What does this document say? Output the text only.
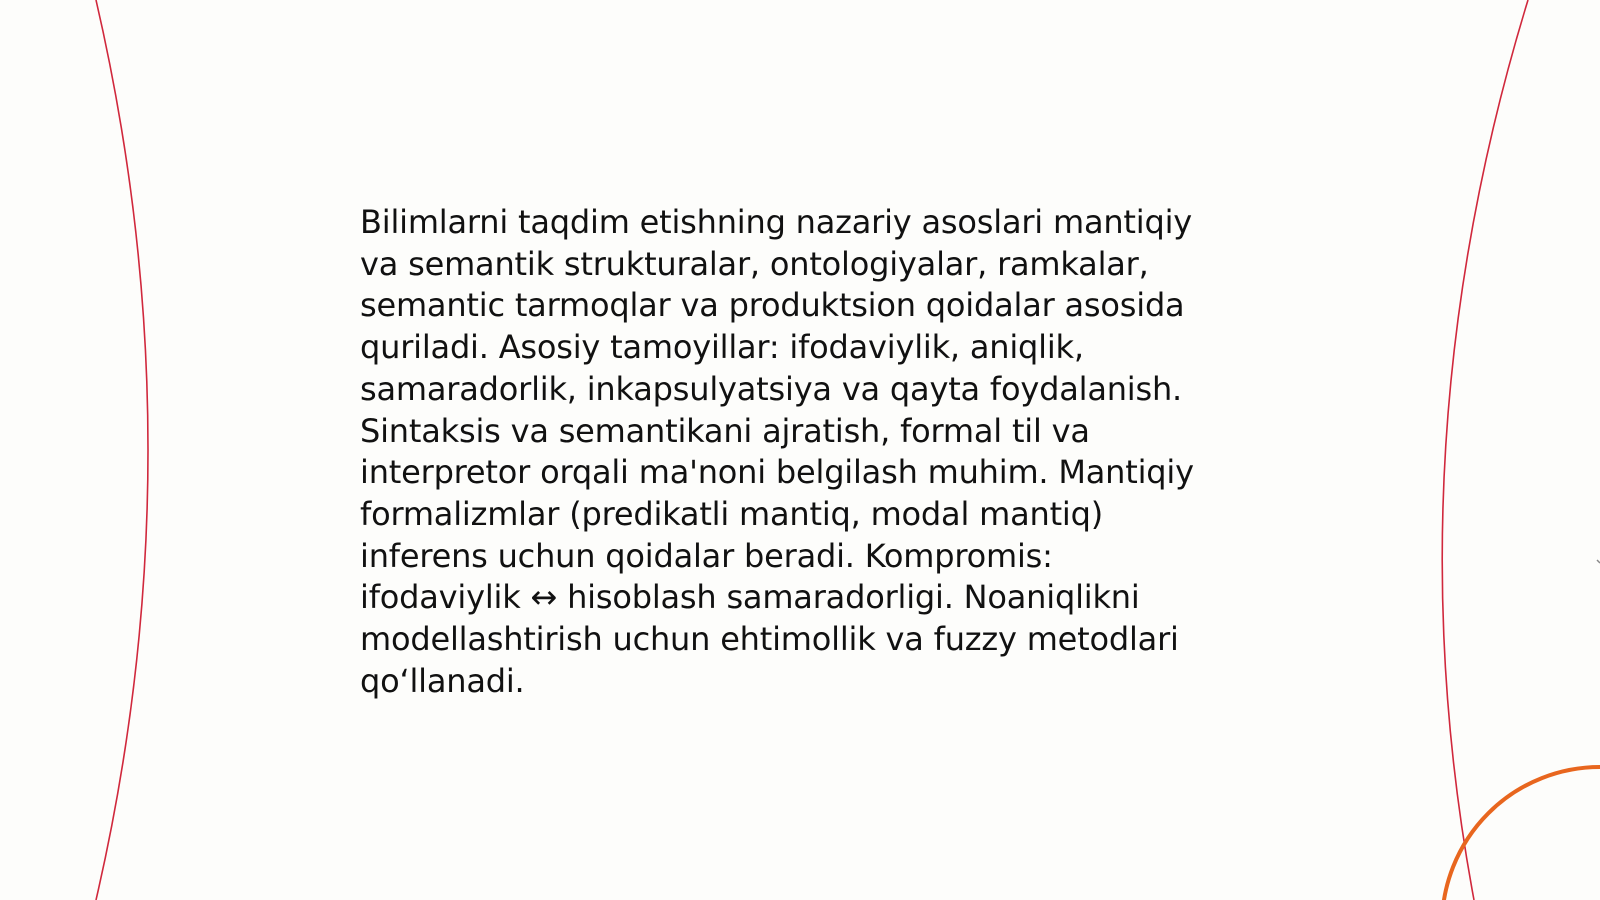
Bilimlarni taqdim etishning nazariy asoslari mantiqiy
va semantik strukturalar, ontologiyalar, ramkalar,
semantic tarmoqlar va produktsion qoidalar asosida
quriladi. Asosiy tamoyillar: ifodaviylik, aniqlik,
samaradorlik, inkapsulyatsiya va qayta foydalanish.
Sintaksis va semantikani ajratish, formal til va
interpretor orqali ma'noni belgilash muhim. Mantiqiy
formalizmlar (predikatli mantiq, modal mantiq)
inferens uchun qoidalar beradi. Kompromis:
ifodaviylik ↔ hisoblash samaradorligi. Noaniqlikni
modellashtirish uchun ehtimollik va fuzzy metodlari
qo‘llanadi.
